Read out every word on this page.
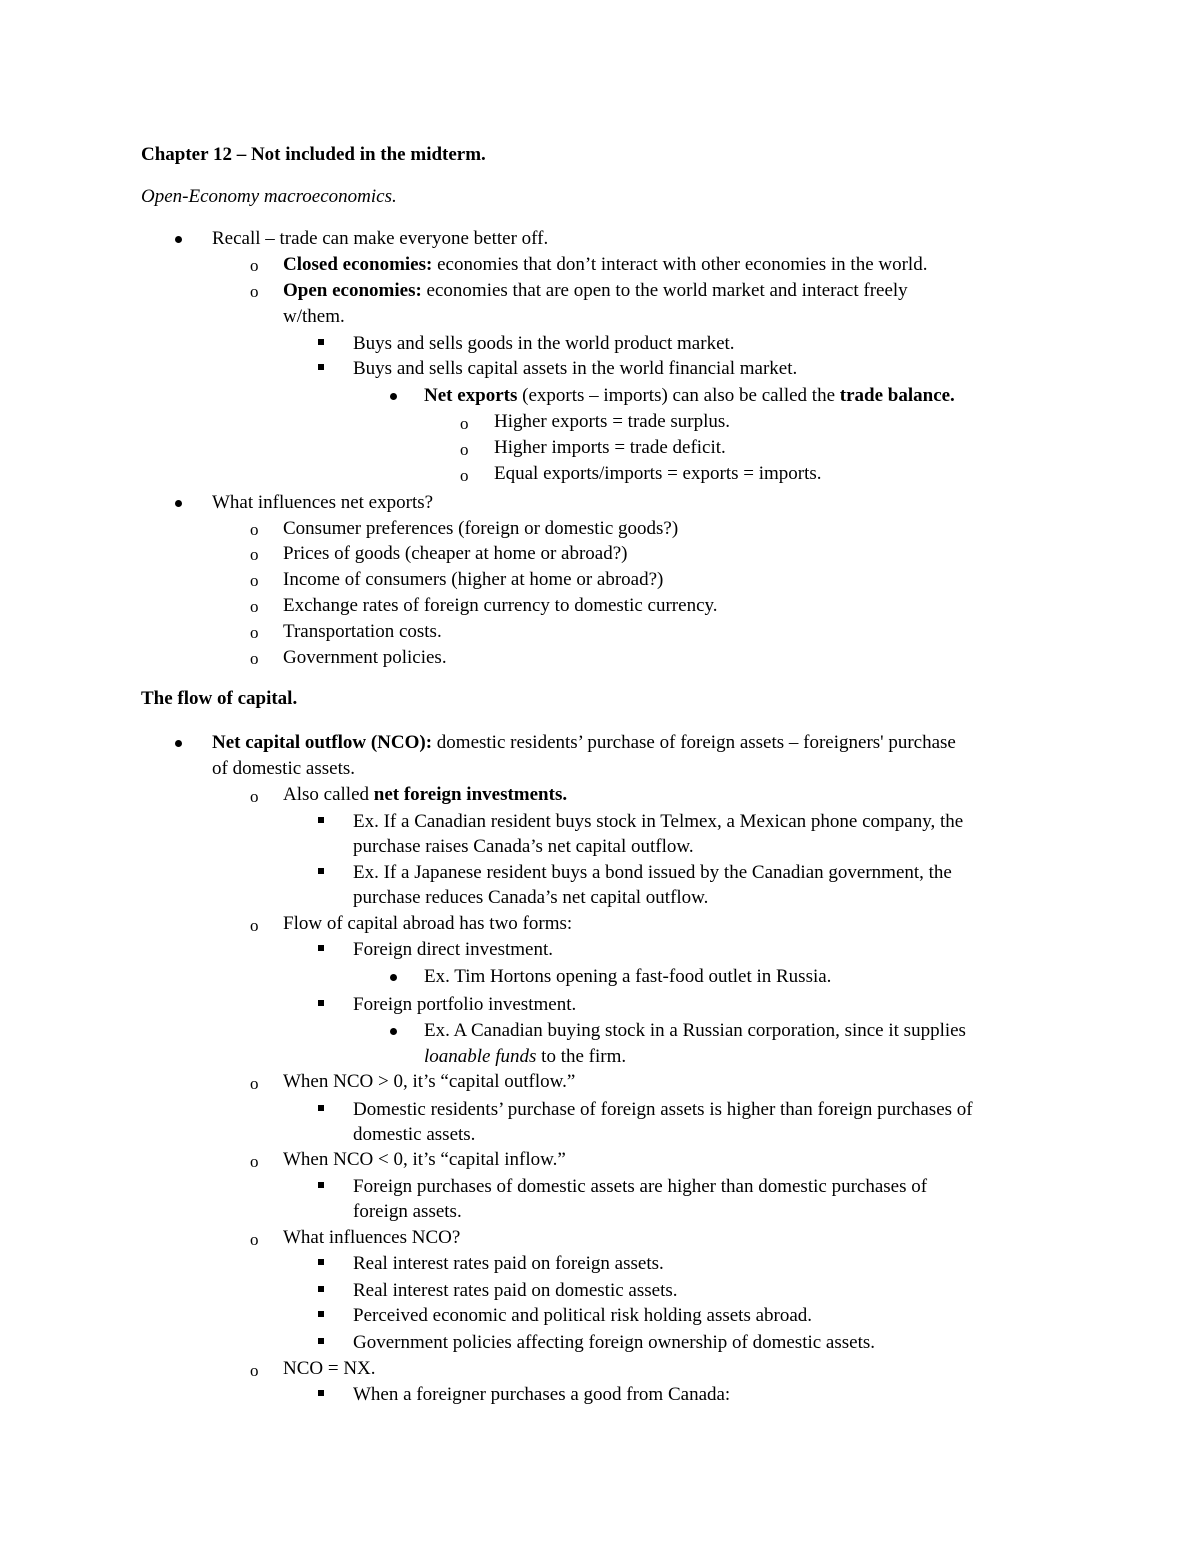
Chapter 12 – Not included in the midterm.
Open-Economy macroeconomics.
Recall – trade can make everyone better off.
o Closed economies: economies that don’t interact with other economies in the world.
o Open economies: economies that are open to the world market and interact freely
w/them.
Buys and sells goods in the world product market.
Buys and sells capital assets in the world financial market.
Net exports (exports – imports) can also be called the trade balance.
o Higher exports = trade surplus.
o Higher imports = trade deficit.
o Equal exports/imports = exports = imports.
What influences net exports?
o Consumer preferences (foreign or domestic goods?)
o Prices of goods (cheaper at home or abroad?)
o Income of consumers (higher at home or abroad?)
o Exchange rates of foreign currency to domestic currency.
o Transportation costs.
o Government policies.
The flow of capital.
Net capital outflow (NCO): domestic residents’ purchase of foreign assets – foreigners' purchase
of domestic assets.
o Also called net foreign investments.
Ex. If a Canadian resident buys stock in Telmex, a Mexican phone company, the
purchase raises Canada’s net capital outflow.
Ex. If a Japanese resident buys a bond issued by the Canadian government, the
purchase reduces Canada’s net capital outflow.
o Flow of capital abroad has two forms:
Foreign direct investment.
Ex. Tim Hortons opening a fast-food outlet in Russia.
Foreign portfolio investment.
Ex. A Canadian buying stock in a Russian corporation, since it supplies
loanable funds to the firm.
o When NCO > 0, it’s “capital outflow.”
Domestic residents’ purchase of foreign assets is higher than foreign purchases of
domestic assets.
o When NCO < 0, it’s “capital inflow.”
Foreign purchases of domestic assets are higher than domestic purchases of
foreign assets.
o What influences NCO?
Real interest rates paid on foreign assets.
Real interest rates paid on domestic assets.
Perceived economic and political risk holding assets abroad.
Government policies affecting foreign ownership of domestic assets.
o NCO = NX.
When a foreigner purchases a good from Canada:
